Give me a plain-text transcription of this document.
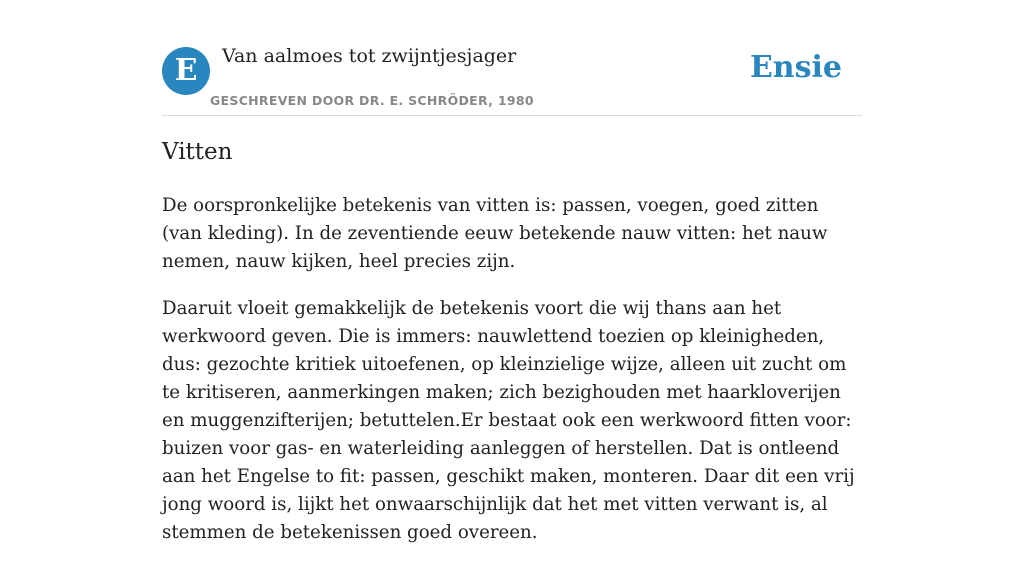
E	Van aalmoes tot zwijntjesjager
GESCHREVEN DOOR DR. E. SCHRÖDER, 1980
Ensie
Vitten

De oorspronkelijke betekenis van vitten is: passen, voegen, goed zitten (van kleding). In de zeventiende eeuw betekende nauw vitten: het nauw nemen, nauw kijken, heel precies zijn.

Daaruit vloeit gemakkelijk de betekenis voort die wij thans aan het werkwoord geven. Die is immers: nauwlettend toezien op kleinigheden, dus: gezochte kritiek uitoefenen, op kleinzielige wijze, alleen uit zucht om te kritiseren, aanmerkingen maken; zich bezighouden met haarkloverijen en muggenzifterijen; betuttelen.Er bestaat ook een werkwoord fitten voor: buizen voor gas- en waterleiding aanleggen of herstellen. Dat is ontleend aan het Engelse to fit: passen, geschikt maken, monteren. Daar dit een vrij jong woord is, lijkt het onwaarschijnlijk dat het met vitten verwant is, al stemmen de betekenissen goed overeen.
